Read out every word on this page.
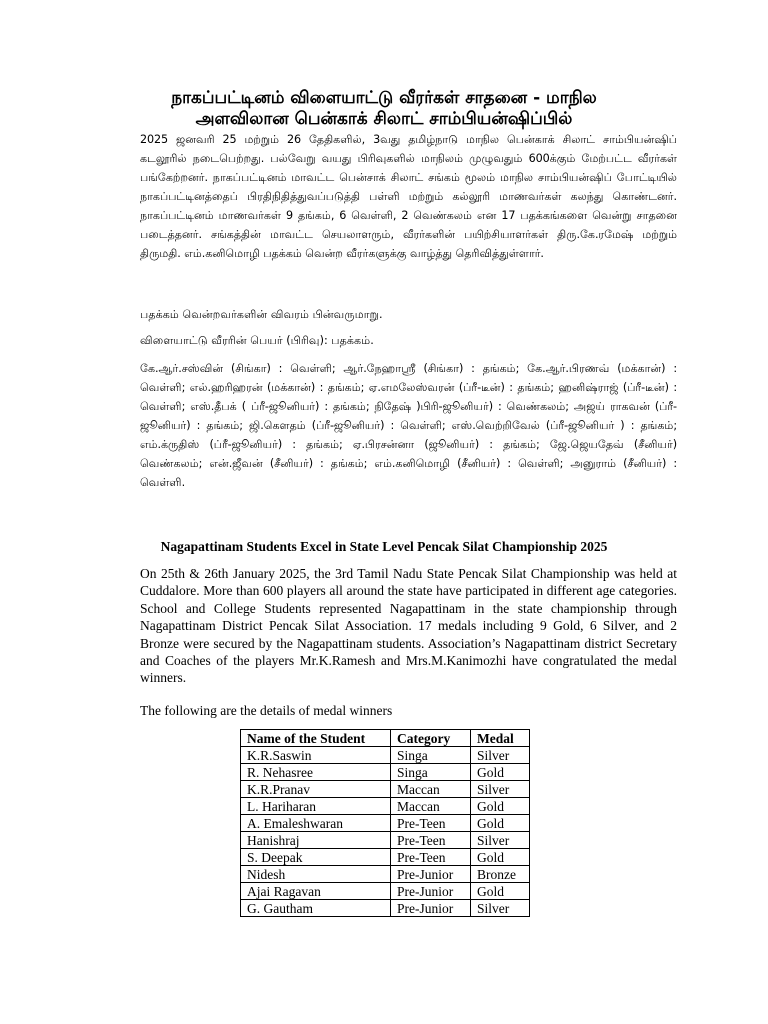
நாகப்பட்டினம் விளையாட்டு வீரர்கள் சாதனை - மாநில
அளவிலான பென்காக் சிலாட் சாம்பியன்ஷிப்பில்

2025 ஜனவரி 25 மற்றும் 26 தேதிகளில், 3வது தமிழ்நாடு மாநில பென்காக் சிலாட் சாம்பியன்ஷிப் கடலூரில் நடைபெற்றது. பல்வேறு வயது பிரிவுகளில் மாநிலம் முழுவதும் 600க்கும் மேற்பட்ட வீரர்கள் பங்கேற்றனர். நாகப்பட்டினம் மாவட்ட பென்சாக் சிலாட் சங்கம் மூலம் மாநில சாம்பியன்ஷிப் போட்டியில் நாகப்பட்டினத்தைப் பிரதிநிதித்துவப்படுத்தி பள்ளி மற்றும் கல்லூரி மாணவர்கள் கலந்து கொண்டனர். நாகப்பட்டினம் மாணவர்கள் 9 தங்கம், 6 வெள்ளி, 2 வெண்கலம் என 17 பதக்கங்களை வென்று சாதனை படைத்தனர். சங்கத்தின் மாவட்ட செயலாளரும், வீரர்களின் பயிற்சியாளர்கள் திரு.கே.ரமேஷ் மற்றும் திருமதி. எம்.கனிமொழி பதக்கம் வென்ற வீரர்களுக்கு வாழ்த்து தெரிவித்துள்ளார்.

பதக்கம் வென்றவர்களின் விவரம் பின்வருமாறு.

விளையாட்டு வீரரின் பெயர் (பிரிவு): பதக்கம்.

கே.ஆர்.சஸ்வின் (சிங்கா) : வெள்ளி; ஆர்.நேஹாஸ்ரீ (சிங்கா) : தங்கம்; கே.ஆர்.பிரணவ் (மக்கான்) : வெள்ளி; எல்.ஹரிஹரன் (மக்கான்) : தங்கம்; ஏ.எமலேஸ்வரன் (ப்ரீ-டீன்) : தங்கம்; ஹனிஷ்ராஜ் (ப்ரீ-டீன்) : வெள்ளி; எஸ்.தீபக் ( ப்ரீ-ஜூனியர்) : தங்கம்; நிதேஷ் )பிரி-ஜூனியர்) : வெண்கலம்; அஜய் ராகவன் (ப்ரீ-ஜூனியர்) : தங்கம்; ஜி.கௌதம் (ப்ரீ-ஜூனியர்) : வெள்ளி; எஸ்.வெற்றிவேல் (ப்ரீ-ஜூனியர் ) : தங்கம்; எம்.க்ருதிஸ் (ப்ரீ-ஜூனியர்) : தங்கம்; ஏ.பிரசன்னா (ஜூனியர்) : தங்கம்; ஜே.ஜெயதேவ் (சீனியர்) வெண்கலம்; என்.ஜீவன் (சீனியர்) : தங்கம்; எம்.கனிமொழி (சீனியர்) : வெள்ளி; அனுராம் (சீனியர்) : வெள்ளி.

Nagapattinam Students Excel in State Level Pencak Silat Championship 2025

On 25th & 26th January 2025, the 3rd Tamil Nadu State Pencak Silat Championship was held at Cuddalore. More than 600 players all around the state have participated in different age categories. School and College Students represented Nagapattinam in the state championship through Nagapattinam District Pencak Silat Association. 17 medals including 9 Gold, 6 Silver, and 2 Bronze were secured by the Nagapattinam students. Association’s Nagapattinam district Secretary and Coaches of the players Mr.K.Ramesh and Mrs.M.Kanimozhi have congratulated the medal winners.

The following are the details of medal winners

Name of the Student	Category	Medal
K.R.Saswin	Singa	Silver
R. Nehasree	Singa	Gold
K.R.Pranav	Maccan	Silver
L. Hariharan	Maccan	Gold
A. Emaleshwaran	Pre-Teen	Gold
Hanishraj	Pre-Teen	Silver
S. Deepak	Pre-Teen	Gold
Nidesh	Pre-Junior	Bronze
Ajai Ragavan	Pre-Junior	Gold
G. Gautham	Pre-Junior	Silver
